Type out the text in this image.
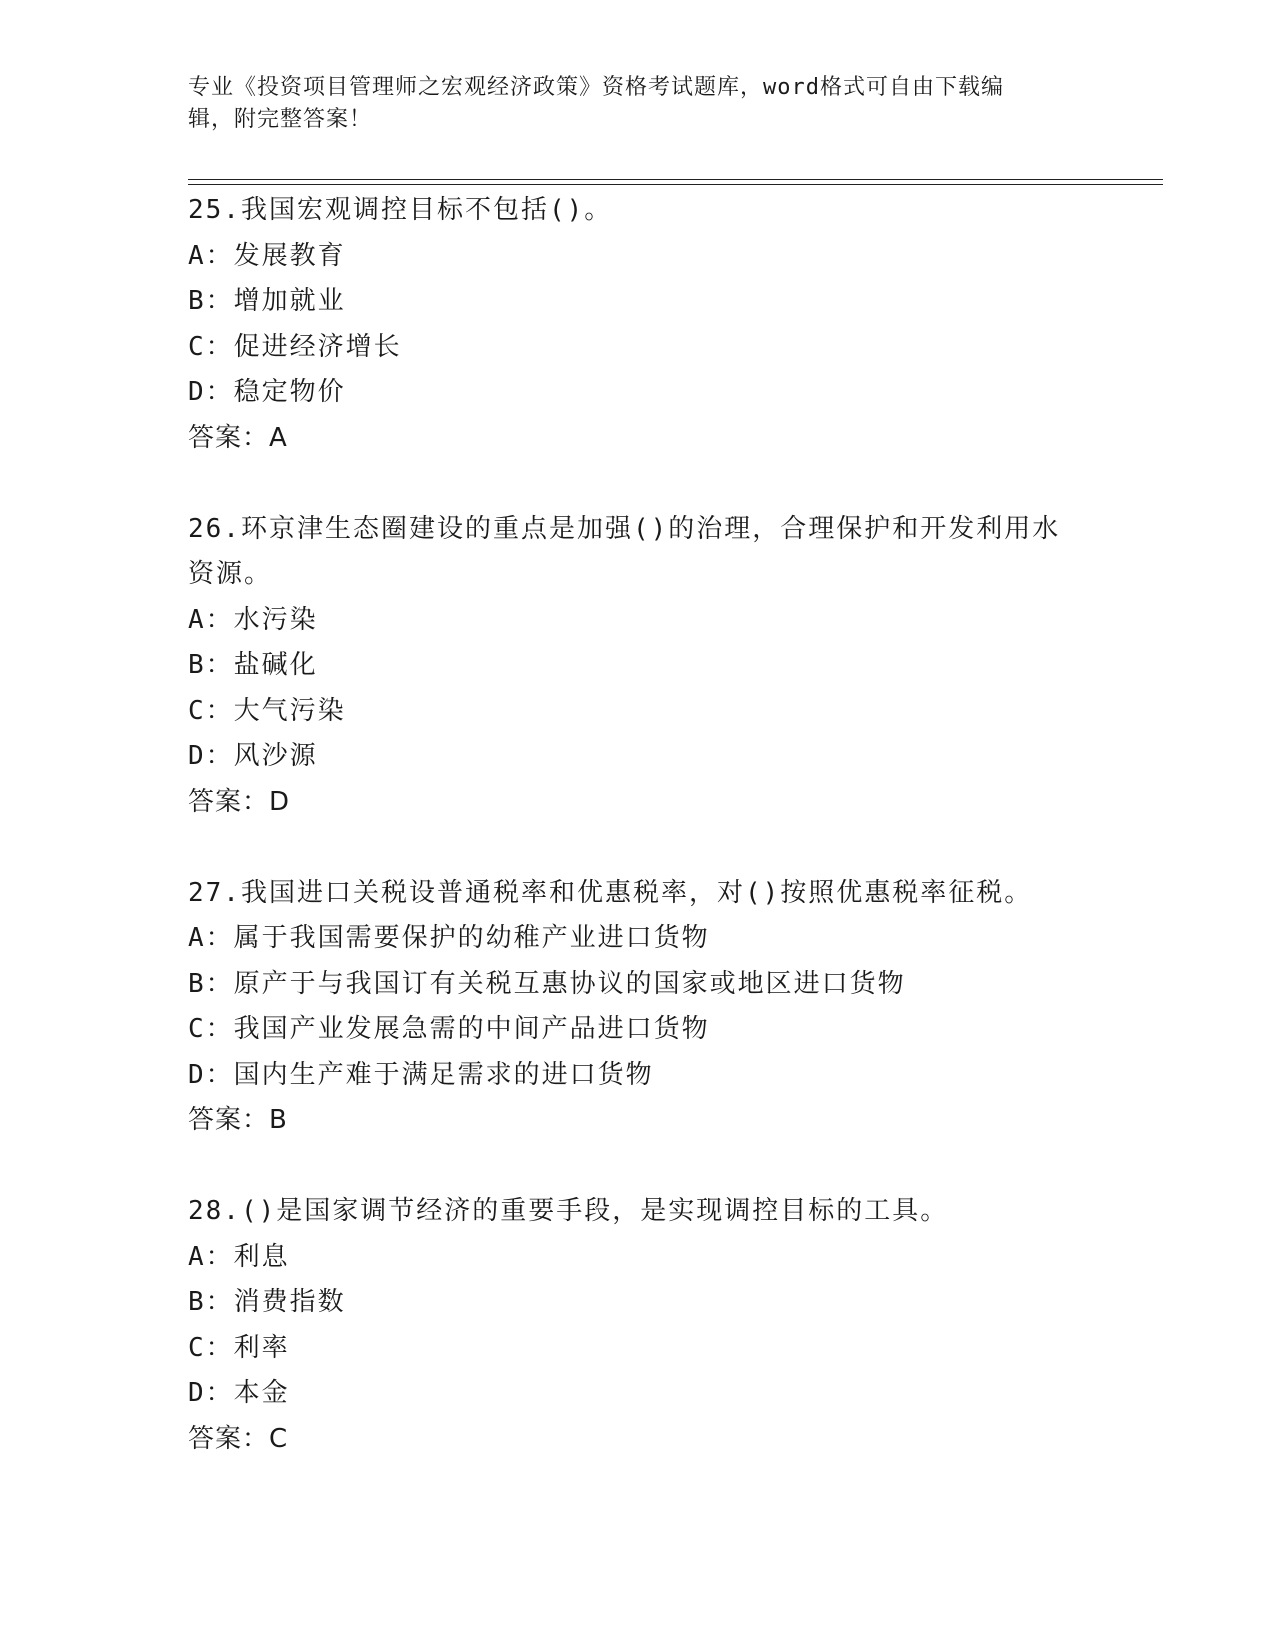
专业《投资项目管理师之宏观经济政策》资格考试题库，word格式可自由下载编
辑，附完整答案！
25.我国宏观调控目标不包括()。
A：发展教育
B：增加就业
C：促进经济增长
D：稳定物价
答案：A
26.环京津生态圈建设的重点是加强()的治理，合理保护和开发利用水
资源。
A：水污染
B：盐碱化
C：大气污染
D：风沙源
答案：D
27.我国进口关税设普通税率和优惠税率，对()按照优惠税率征税。
A：属于我国需要保护的幼稚产业进口货物
B：原产于与我国订有关税互惠协议的国家或地区进口货物
C：我国产业发展急需的中间产品进口货物
D：国内生产难于满足需求的进口货物
答案：B
28.()是国家调节经济的重要手段，是实现调控目标的工具。
A：利息
B：消费指数
C：利率
D：本金
答案：C
